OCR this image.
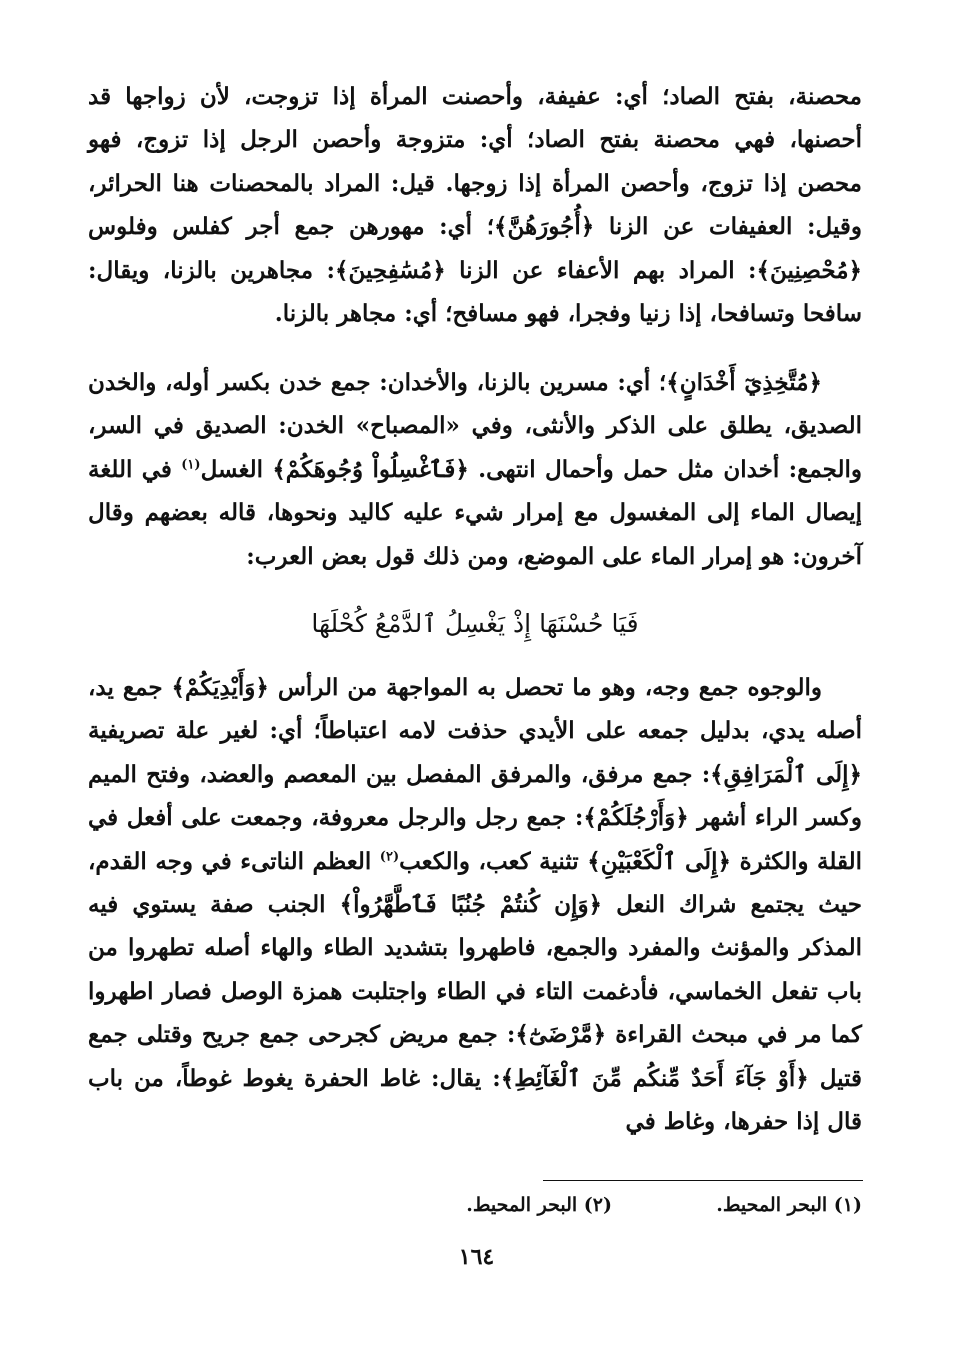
محصنة، بفتح الصاد؛ أي: عفيفة، وأحصنت المرأة إذا تزوجت، لأن زواجها قد أحصنها، فهي محصنة بفتح الصاد؛ أي: متزوجة وأحصن الرجل إذا تزوج، فهو محصن إذا تزوج، وأحصن المرأة إذا زوجها. قيل: المراد بالمحصنات هنا الحرائر، وقيل: العفيفات عن الزنا ﴿أُجُورَهُنَّ﴾؛ أي: مهورهن جمع أجر كفلس وفلوس ﴿مُحْصِنِينَ﴾: المراد بهم الأعفاء عن الزنا ﴿مُسَٰفِحِينَ﴾: مجاهرين بالزنا، ويقال: سافحا وتسافحا، إذا زنيا وفجرا، فهو مسافح؛ أي: مجاهر بالزنا.
﴿مُتَّخِذِيٓ أَخْدَانٍ﴾؛ أي: مسرين بالزنا، والأخدان: جمع خدن بكسر أوله، والخدن الصديق، يطلق على الذكر والأنثى، وفي «المصباح» الخدن: الصديق في السر، والجمع: أخدان مثل حمل وأحمال انتهى. ﴿فَٱغْسِلُواْ وُجُوهَكُمْ﴾ الغسل$^{(١)}$ في اللغة إيصال الماء إلى المغسول مع إمرار شيء عليه كاليد ونحوها، قاله بعضهم وقال آخرون: هو إمرار الماء على الموضع، ومن ذلك قول بعض العرب:
فَيَا حُسْنَهَا إِذْ يَغْسِلُ ٱلدَّمْعُ كُحْلَهَا
والوجوه جمع وجه، وهو ما تحصل به المواجهة من الرأس ﴿وَأَيْدِيَكُمْ﴾ جمع يد، أصله يدي، بدليل جمعه على الأيدي حذفت لامه اعتباطاً؛ أي: لغير علة تصريفية ﴿إِلَى ٱلْمَرَافِقِ﴾: جمع مرفق، والمرفق المفصل بين المعصم والعضد، وفتح الميم وكسر الراء أشهر ﴿وَأَرْجُلَكُمْ﴾: جمع رجل والرجل معروفة، وجمعت على أفعل في القلة والكثرة ﴿إِلَى ٱلْكَعْبَيْنِ﴾ تثنية كعب، والكعب$^{(٢)}$ العظم الناتىء في وجه القدم، حيث يجتمع شراك النعل ﴿وَإِن كُنتُمْ جُنُبًا فَٱطَّهَّرُواْ﴾ الجنب صفة يستوي فيه المذكر والمؤنث والمفرد والجمع، فاطهروا بتشديد الطاء والهاء أصله تطهروا من باب تفعل الخماسي، فأدغمت التاء في الطاء واجتلبت همزة الوصل فصار اطهروا كما مر في مبحث القراءة ﴿مَّرْضَىٰٓ﴾: جمع مريض كجرحى جمع جريح وقتلى جمع قتيل ﴿أَوْ جَآءَ أَحَدٌ مِّنكُم مِّنَ ٱلْغَآئِطِ﴾: يقال: غاط الحفرة يغوط غوطاً، من باب قال إذا حفرها، وغاط في
(١) البحر المحيط.
(٢) البحر المحيط.
١٦٤
